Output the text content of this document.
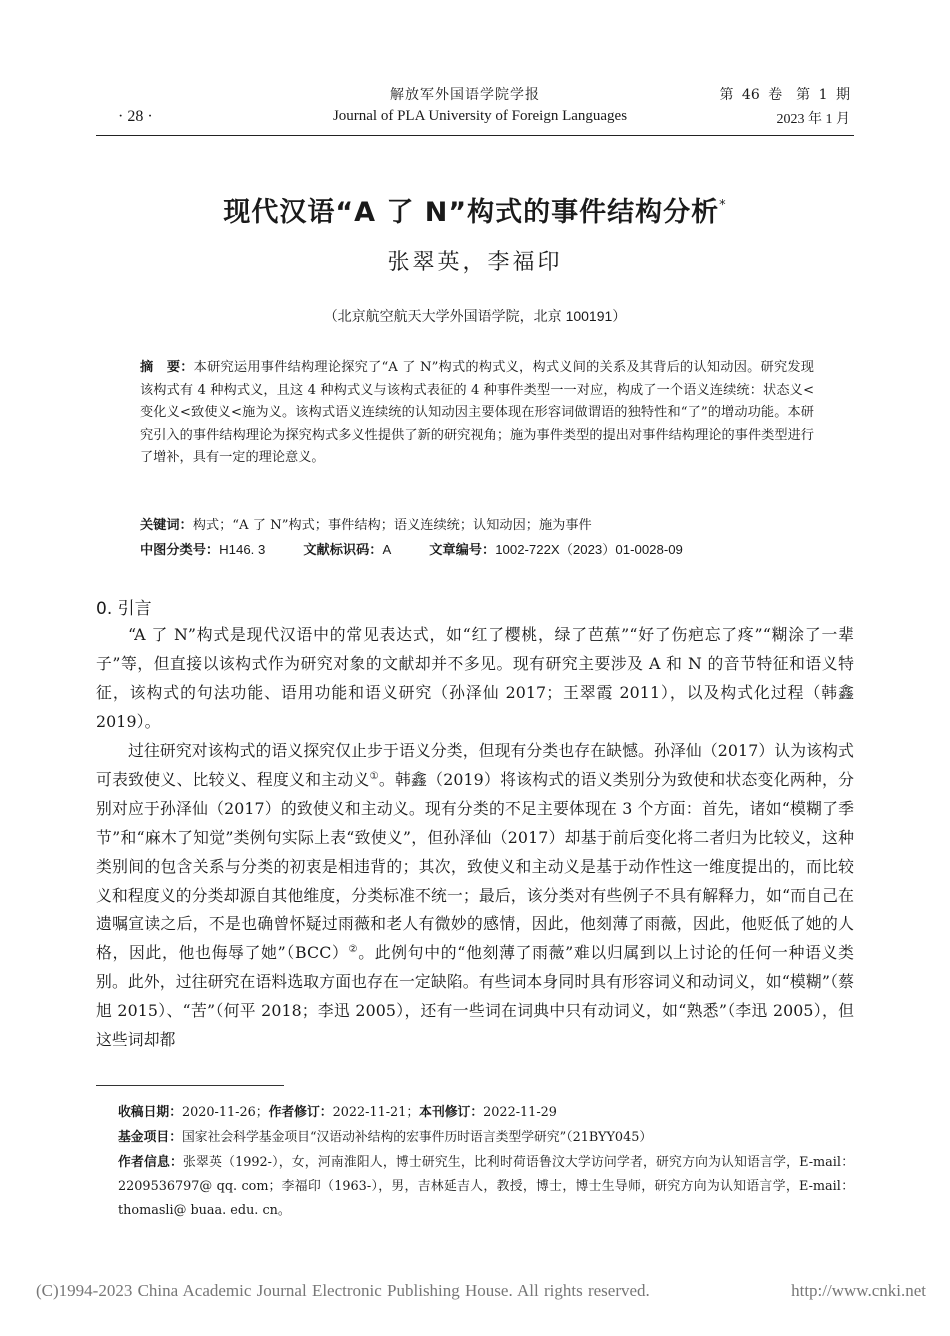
解放军外国语学院学报
Journal of PLA University of Foreign Languages
· 28 ·
第 46 卷　第 1 期
2023 年 1 月
现代汉语“A 了 N”构式的事件结构分析*
张翠英，李福印
（北京航空航天大学外国语学院，北京 100191）
摘　要：本研究运用事件结构理论探究了“A 了 N”构式的构式义，构式义间的关系及其背后的认知动因。研究发现该构式有 4 种构式义，且这 4 种构式义与该构式表征的 4 种事件类型一一对应，构成了一个语义连续统：状态义<变化义<致使义<施为义。该构式语义连续统的认知动因主要体现在形容词做谓语的独特性和“了”的增动功能。本研究引入的事件结构理论为探究构式多义性提供了新的研究视角；施为事件类型的提出对事件结构理论的事件类型进行了增补，具有一定的理论意义。
关键词：构式；“A 了 N”构式；事件结构；语义连续统；认知动因；施为事件
中图分类号：H146. 3	文献标识码：A	文章编号：1002-722X（2023）01-0028-09
0. 引言
“A 了 N”构式是现代汉语中的常见表达式，如“红了樱桃，绿了芭蕉”“好了伤疤忘了疼”“糊涂了一辈子”等，但直接以该构式作为研究对象的文献却并不多见。现有研究主要涉及 A 和 N 的音节特征和语义特征，该构式的句法功能、语用功能和语义研究（孙泽仙 2017；王翠霞 2011），以及构式化过程（韩鑫 2019）。
过往研究对该构式的语义探究仅止步于语义分类，但现有分类也存在缺憾。孙泽仙（2017）认为该构式可表致使义、比较义、程度义和主动义①。韩鑫（2019）将该构式的语义类别分为致使和状态变化两种，分别对应于孙泽仙（2017）的致使义和主动义。现有分类的不足主要体现在 3 个方面：首先，诸如“模糊了季节”和“麻木了知觉”类例句实际上表“致使义”，但孙泽仙（2017）却基于前后变化将二者归为比较义，这种类别间的包含关系与分类的初衷是相违背的；其次，致使义和主动义是基于动作性这一维度提出的，而比较义和程度义的分类却源自其他维度，分类标准不统一；最后，该分类对有些例子不具有解释力，如“而自己在遗嘱宣读之后，不是也确曾怀疑过雨薇和老人有微妙的感情，因此，他刻薄了雨薇，因此，他贬低了她的人格，因此，他也侮辱了她”（BCC）②。此例句中的“他刻薄了雨薇”难以归属到以上讨论的任何一种语义类别。此外，过往研究在语料选取方面也存在一定缺陷。有些词本身同时具有形容词义和动词义，如“模糊”（蔡旭 2015）、“苦”（何平 2018；李迅 2005），还有一些词在词典中只有动词义，如“熟悉”（李迅 2005），但这些词却都
收稿日期：2020-11-26；作者修订：2022-11-21；本刊修订：2022-11-29
基金项目：国家社会科学基金项目“汉语动补结构的宏事件历时语言类型学研究”（21BYY045）
作者信息：张翠英（1992-），女，河南淮阳人，博士研究生，比利时荷语鲁汶大学访问学者，研究方向为认知语言学，E-mail：2209536797@ qq. com；李福印（1963-），男，吉林延吉人，教授，博士，博士生导师，研究方向为认知语言学，E-mail：thomasli@ buaa. edu. cn。
(C)1994-2023 China Academic Journal Electronic Publishing House. All rights reserved.	http://www.cnki.net
